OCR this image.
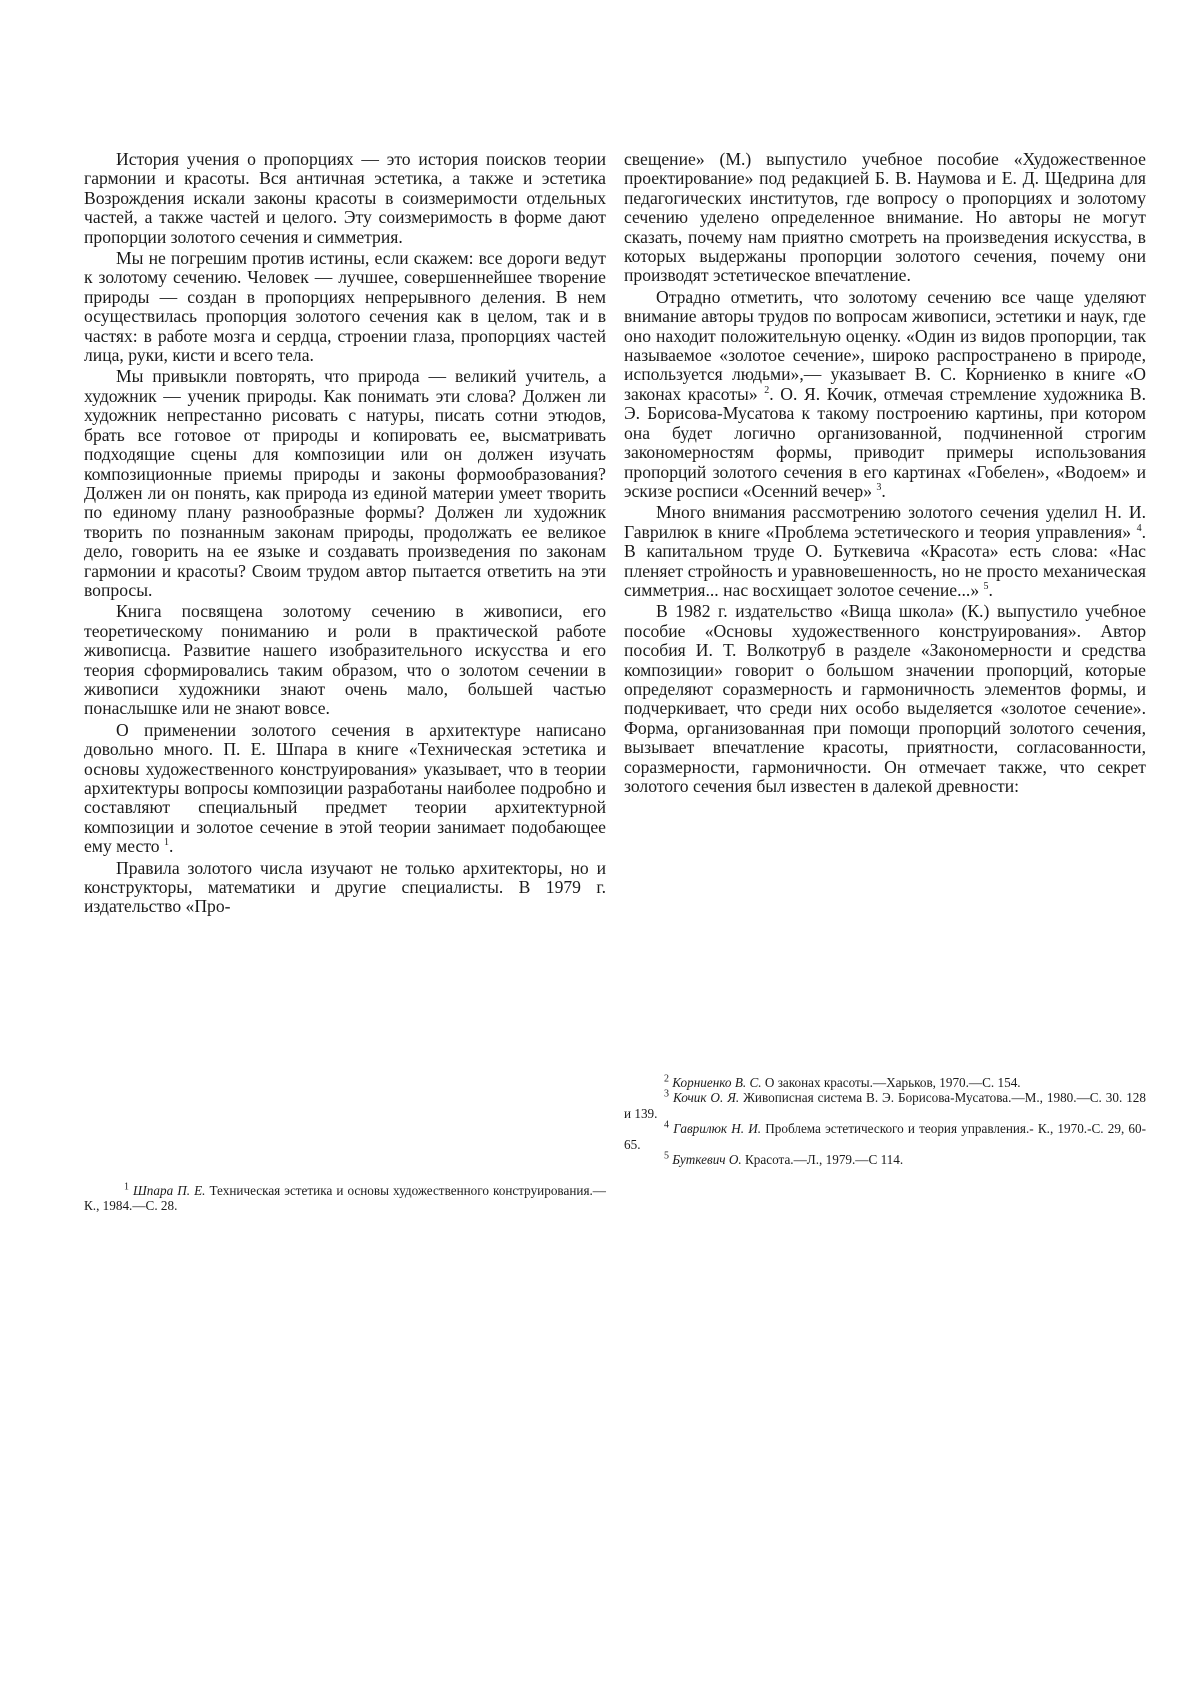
История учения о пропорциях — это история поисков теории гармонии и красоты. Вся античная эстетика, а также и эстетика Возрождения искали законы красоты в соизмеримости отдельных частей, а также частей и целого. Эту соизмеримость в форме дают пропорции золотого сечения и симметрия.

Мы не погрешим против истины, если скажем: все дороги ведут к золотому сечению. Человек — лучшее, совершеннейшее творение природы — создан в пропорциях непрерывного деления. В нем осуществилась пропорция золотого сечения как в целом, так и в частях: в работе мозга и сердца, строении глаза, пропорциях частей лица, руки, кисти и всего тела.

Мы привыкли повторять, что природа — великий учитель, а художник — ученик природы. Как понимать эти слова? Должен ли художник непрестанно рисовать с натуры, писать сотни этюдов, брать все готовое от природы и копировать ее, высматривать подходящие сцены для композиции или он должен изучать композиционные приемы природы и законы формообразования? Должен ли он понять, как природа из единой материи умеет творить по единому плану разнообразные формы? Должен ли художник творить по познанным законам природы, продолжать ее великое дело, говорить на ее языке и создавать произведения по законам гармонии и красоты? Своим трудом автор пытается ответить на эти вопросы.

Книга посвящена золотому сечению в живописи, его теоретическому пониманию и роли в практической работе живописца. Развитие нашего изобразительного искусства и его теория сформировались таким образом, что о золотом сечении в живописи художники знают очень мало, большей частью понаслышке или не знают вовсе.

О применении золотого сечения в архитектуре написано довольно много. П. Е. Шпара в книге «Техническая эстетика и основы художественного конструирования» указывает, что в теории архитектуры вопросы композиции разработаны наиболее подробно и составляют специальный предмет теории архитектурной композиции и золотое сечение в этой теории занимает подобающее ему место $^1$.

Правила золотого числа изучают не только архитекторы, но и конструкторы, математики и другие специалисты. В 1979 г. издательство «Про-

$^1$ Шпара П. Е. Техническая эстетика и основы художественного конструирования.— К., 1984.—С. 28.

свещение» (М.) выпустило учебное пособие «Художественное проектирование» под редакцией Б. В. Наумова и Е. Д. Щедрина для педагогических институтов, где вопросу о пропорциях и золотому сечению уделено определенное внимание. Но авторы не могут сказать, почему нам приятно смотреть на произведения искусства, в которых выдержаны пропорции золотого сечения, почему они производят эстетическое впечатление.

Отрадно отметить, что золотому сечению все чаще уделяют внимание авторы трудов по вопросам живописи, эстетики и наук, где оно находит положительную оценку. «Один из видов пропорции, так называемое «золотое сечение», широко распространено в природе, используется людьми»,— указывает В. С. Корниенко в книге «О законах красоты» $^2$. О. Я. Кочик, отмечая стремление художника В. Э. Борисова-Мусатова к такому построению картины, при котором она будет логично организованной, подчиненной строгим закономерностям формы, приводит примеры использования пропорций золотого сечения в его картинах «Гобелен», «Водоем» и эскизе росписи «Осенний вечер» $^3$.

Много внимания рассмотрению золотого сечения уделил Н. И. Гаврилюк в книге «Проблема эстетического и теория управления» $^4$. В капитальном труде О. Буткевича «Красота» есть слова: «Нас пленяет стройность и уравновешенность, но не просто механическая симметрия... нас восхищает золотое сечение...» $^5$.

В 1982 г. издательство «Вища школа» (К.) выпустило учебное пособие «Основы художественного конструирования». Автор пособия И. Т. Волкотруб в разделе «Закономерности и средства композиции» говорит о большом значении пропорций, которые определяют соразмерность и гармоничность элементов формы, и подчеркивает, что среди них особо выделяется «золотое сечение». Форма, организованная при помощи пропорций золотого сечения, вызывает впечатление красоты, приятности, согласованности, соразмерности, гармоничности. Он отмечает также, что секрет золотого сечения был известен в далекой древности:

$^2$ Корниенко В. С. О законах красоты.—Харьков, 1970.—С. 154.

$^3$ Кочик О. Я. Живописная система В. Э. Борисова-Мусатова.—М., 1980.—С. 30. 128 и 139.

$^4$ Гаврилюк Н. И. Проблема эстетического и теория управления.- К., 1970.-С. 29, 60-65.

$^5$ Буткевич О. Красота.—Л., 1979.—С 114.
